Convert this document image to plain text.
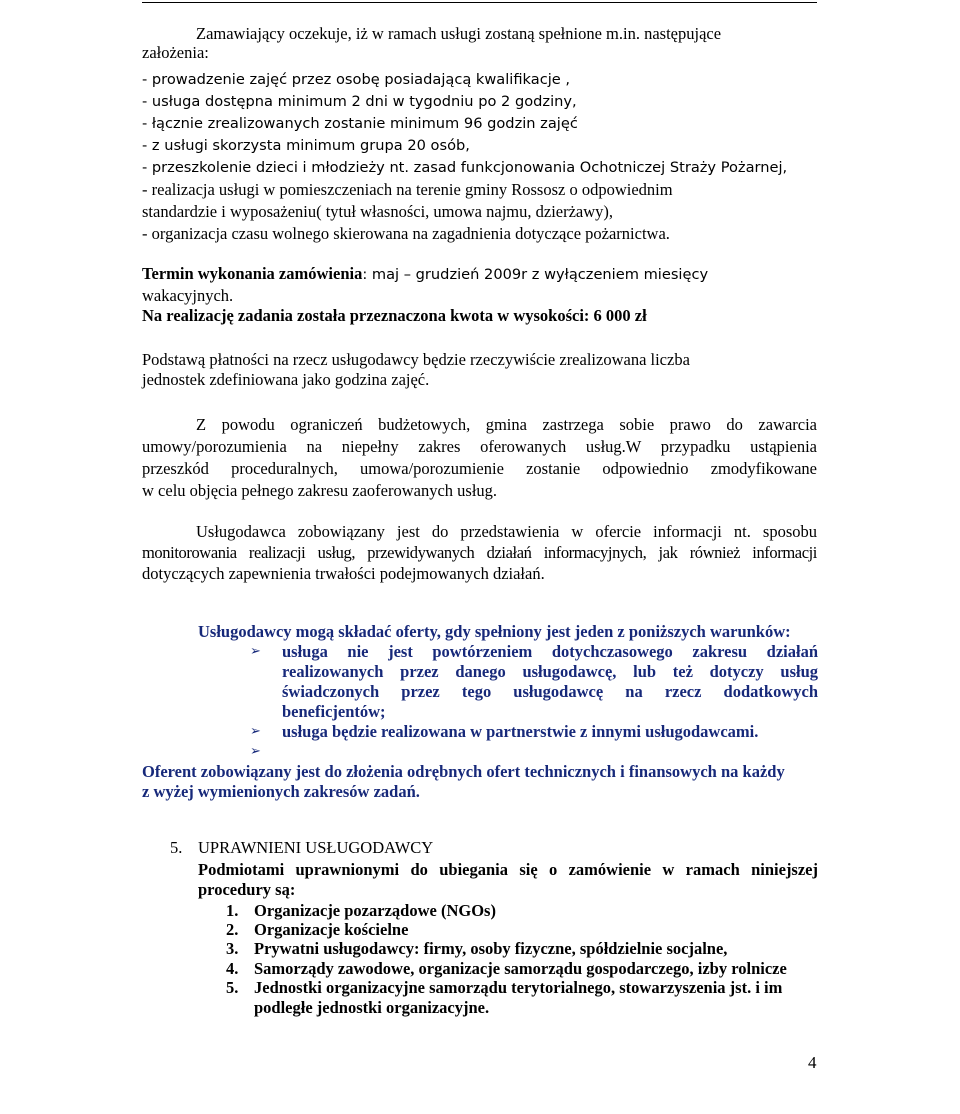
Zamawiający oczekuje, iż w ramach usługi zostaną spełnione m.in. następujące
założenia:
- prowadzenie zajęć przez osobę posiadającą kwalifikacje ,
- usługa dostępna minimum 2 dni w tygodniu po 2 godziny,
- łącznie zrealizowanych zostanie minimum 96 godzin zajęć
- z usługi skorzysta minimum grupa 20 osób,
- przeszkolenie dzieci i młodzieży nt. zasad funkcjonowania Ochotniczej Straży Pożarnej,
- realizacja usługi w pomieszczeniach na terenie gminy Rossosz o odpowiednim
standardzie i wyposażeniu( tytuł własności, umowa najmu, dzierżawy),
- organizacja czasu wolnego skierowana na zagadnienia dotyczące pożarnictwa.
Termin wykonania zamówienia: maj – grudzień 2009r z wyłączeniem miesięcy
wakacyjnych.
Na realizację zadania została przeznaczona kwota w wysokości: 6 000 zł
Podstawą płatności na rzecz usługodawcy będzie rzeczywiście zrealizowana liczba
jednostek zdefiniowana jako godzina zajęć.
Z powodu ograniczeń budżetowych, gmina zastrzega sobie prawo do zawarcia
umowy/porozumienia na niepełny zakres oferowanych usług.W przypadku ustąpienia
przeszkód proceduralnych, umowa/porozumienie zostanie odpowiednio zmodyfikowane
w celu objęcia pełnego zakresu zaoferowanych usług.
Usługodawca zobowiązany jest do przedstawienia w ofercie informacji nt. sposobu
monitorowania realizacji usług, przewidywanych działań informacyjnych, jak również informacji
dotyczących zapewnienia trwałości podejmowanych działań.
Usługodawcy mogą składać oferty, gdy spełniony jest jeden z poniższych warunków:
➢ usługa nie jest powtórzeniem dotychczasowego zakresu działań
realizowanych przez danego usługodawcę, lub też dotyczy usług
świadczonych przez tego usługodawcę na rzecz dodatkowych
beneficjentów;
➢ usługa będzie realizowana w partnerstwie z innymi usługodawcami.
➢
Oferent zobowiązany jest do złożenia odrębnych ofert technicznych i finansowych na każdy
z wyżej wymienionych zakresów zadań.
5. UPRAWNIENI USŁUGODAWCY
Podmiotami uprawnionymi do ubiegania się o zamówienie w ramach niniejszej
procedury są:
1. Organizacje pozarządowe (NGOs)
2. Organizacje kościelne
3. Prywatni usługodawcy: firmy, osoby fizyczne, spółdzielnie socjalne,
4. Samorządy zawodowe, organizacje samorządu gospodarczego, izby rolnicze
5. Jednostki organizacyjne samorządu terytorialnego, stowarzyszenia jst. i im
podległe jednostki organizacyjne.
4
